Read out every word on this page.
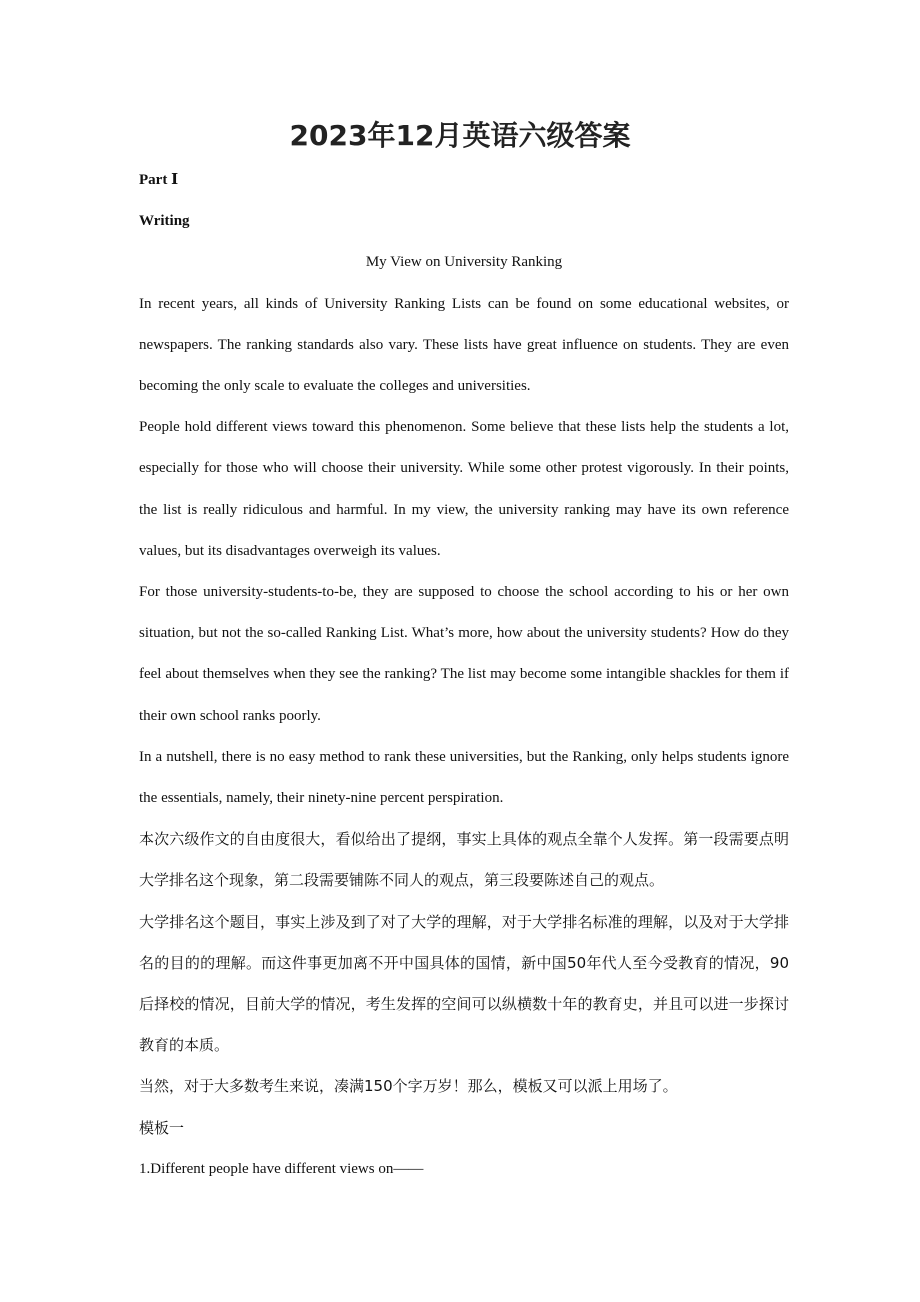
2023年12月英语六级答案

Part Ⅰ

Writing

My View on University Ranking

In recent years, all kinds of University Ranking Lists can be found on some educational websites, or newspapers. The ranking standards also vary. These lists have great influence on students. They are even becoming the only scale to evaluate the colleges and universities.

People hold different views toward this phenomenon. Some believe that these lists help the students a lot, especially for those who will choose their university. While some other protest vigorously. In their points, the list is really ridiculous and harmful. In my view, the university ranking may have its own reference values, but its disadvantages overweigh its values.

For those university-students-to-be, they are supposed to choose the school according to his or her own situation, but not the so-called Ranking List. What’s more, how about the university students? How do they feel about themselves when they see the ranking? The list may become some intangible shackles for them if their own school ranks poorly.

In a nutshell, there is no easy method to rank these universities, but the Ranking, only helps students ignore the essentials, namely, their ninety-nine percent perspiration.

本次六级作文的自由度很大，看似给出了提纲，事实上具体的观点全靠个人发挥。第一段需要点明大学排名这个现象，第二段需要铺陈不同人的观点，第三段要陈述自己的观点。

大学排名这个题目，事实上涉及到了对了大学的理解，对于大学排名标准的理解，以及对于大学排名的目的的理解。而这件事更加离不开中国具体的国情，新中国50年代人至今受教育的情况，90后择校的情况，目前大学的情况，考生发挥的空间可以纵横数十年的教育史，并且可以进一步探讨教育的本质。

当然，对于大多数考生来说，凑满150个字万岁！那么，模板又可以派上用场了。

模板一

1.Different people have different views on——
